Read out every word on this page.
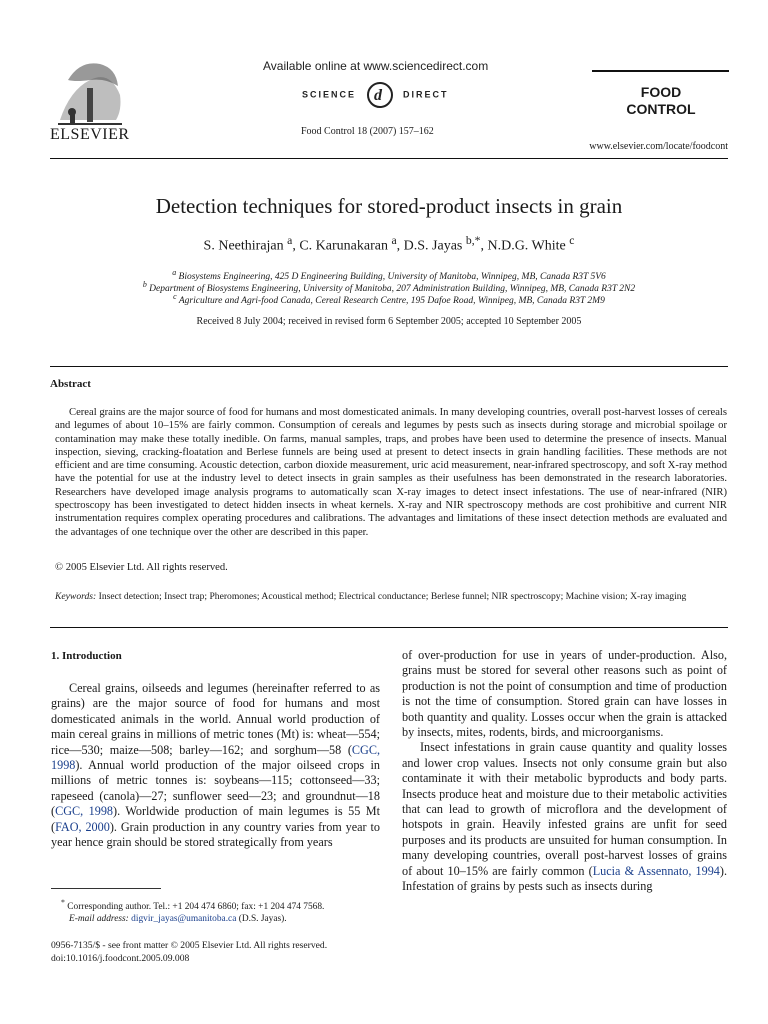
ELSEVIER
Available online at www.sciencedirect.com
SCIENCE d DIRECT
Food Control 18 (2007) 157–162
FOOD
CONTROL
www.elsevier.com/locate/foodcont
Detection techniques for stored-product insects in grain
S. Neethirajan $^a$, C. Karunakaran $^a$, D.S. Jayas $^{b,*}$, N.D.G. White $^c$
$^a$ Biosystems Engineering, 425 D Engineering Building, University of Manitoba, Winnipeg, MB, Canada R3T 5V6
$^b$ Department of Biosystems Engineering, University of Manitoba, 207 Administration Building, Winnipeg, MB, Canada R3T 2N2
$^c$ Agriculture and Agri-food Canada, Cereal Research Centre, 195 Dafoe Road, Winnipeg, MB, Canada R3T 2M9
Received 8 July 2004; received in revised form 6 September 2005; accepted 10 September 2005
Abstract

Cereal grains are the major source of food for humans and most domesticated animals. In many developing countries, overall post-harvest losses of cereals and legumes of about 10–15% are fairly common. Consumption of cereals and legumes by pests such as insects during storage and microbial spoilage or contamination may make these totally inedible. On farms, manual samples, traps, and probes have been used to determine the presence of insects. Manual inspection, sieving, cracking-floatation and Berlese funnels are being used at present to detect insects in grain handling facilities. These methods are not efficient and are time consuming. Acoustic detection, carbon dioxide measurement, uric acid measurement, near-infrared spectroscopy, and soft X-ray method have the potential for use at the industry level to detect insects in grain samples as their usefulness has been demonstrated in the research laboratories. Researchers have developed image analysis programs to automatically scan X-ray images to detect insect infestations. The use of near-infrared (NIR) spectroscopy has been investigated to detect hidden insects in wheat kernels. X-ray and NIR spectroscopy methods are cost prohibitive and current NIR instrumentation requires complex operating procedures and calibrations. The advantages and limitations of these insect detection methods are evaluated and the advantages of one technique over the other are described in this paper.

© 2005 Elsevier Ltd. All rights reserved.
Keywords: Insect detection; Insect trap; Pheromones; Acoustical method; Electrical conductance; Berlese funnel; NIR spectroscopy; Machine vision; X-ray imaging
1. Introduction

Cereal grains, oilseeds and legumes (hereinafter referred to as grains) are the major source of food for humans and most domesticated animals in the world. Annual world production of main cereal grains in millions of metric tones (Mt) is: wheat—554; rice—530; maize—508; barley—162; and sorghum—58 (CGC, 1998). Annual world production of the major oilseed crops in millions of metric tonnes is: soybeans—115; cottonseed—33; rapeseed (canola)—27; sunflower seed—23; and groundnut—18 (CGC, 1998). Worldwide production of main legumes is 55 Mt (FAO, 2000). Grain production in any country varies from year to year hence grain should be stored strategically from years

* Corresponding author. Tel.: +1 204 474 6860; fax: +1 204 474 7568.
E-mail address: digvir_jayas@umanitoba.ca (D.S. Jayas).
0956-7135/$ - see front matter © 2005 Elsevier Ltd. All rights reserved.
doi:10.1016/j.foodcont.2005.09.008

of over-production for use in years of under-production. Also, grains must be stored for several other reasons such as point of production is not the point of consumption and time of production is not the time of consumption. Stored grain can have losses in both quantity and quality. Losses occur when the grain is attacked by insects, mites, rodents, birds, and microorganisms.

Insect infestations in grain cause quantity and quality losses and lower crop values. Insects not only consume grain but also contaminate it with their metabolic byproducts and body parts. Insects produce heat and moisture due to their metabolic activities that can lead to growth of microflora and the development of hotspots in grain. Heavily infested grains are unfit for seed purposes and its products are unsuited for human consumption. In many developing countries, overall post-harvest losses of grains of about 10–15% are fairly common (Lucia & Assennato, 1994). Infestation of grains by pests such as insects during
